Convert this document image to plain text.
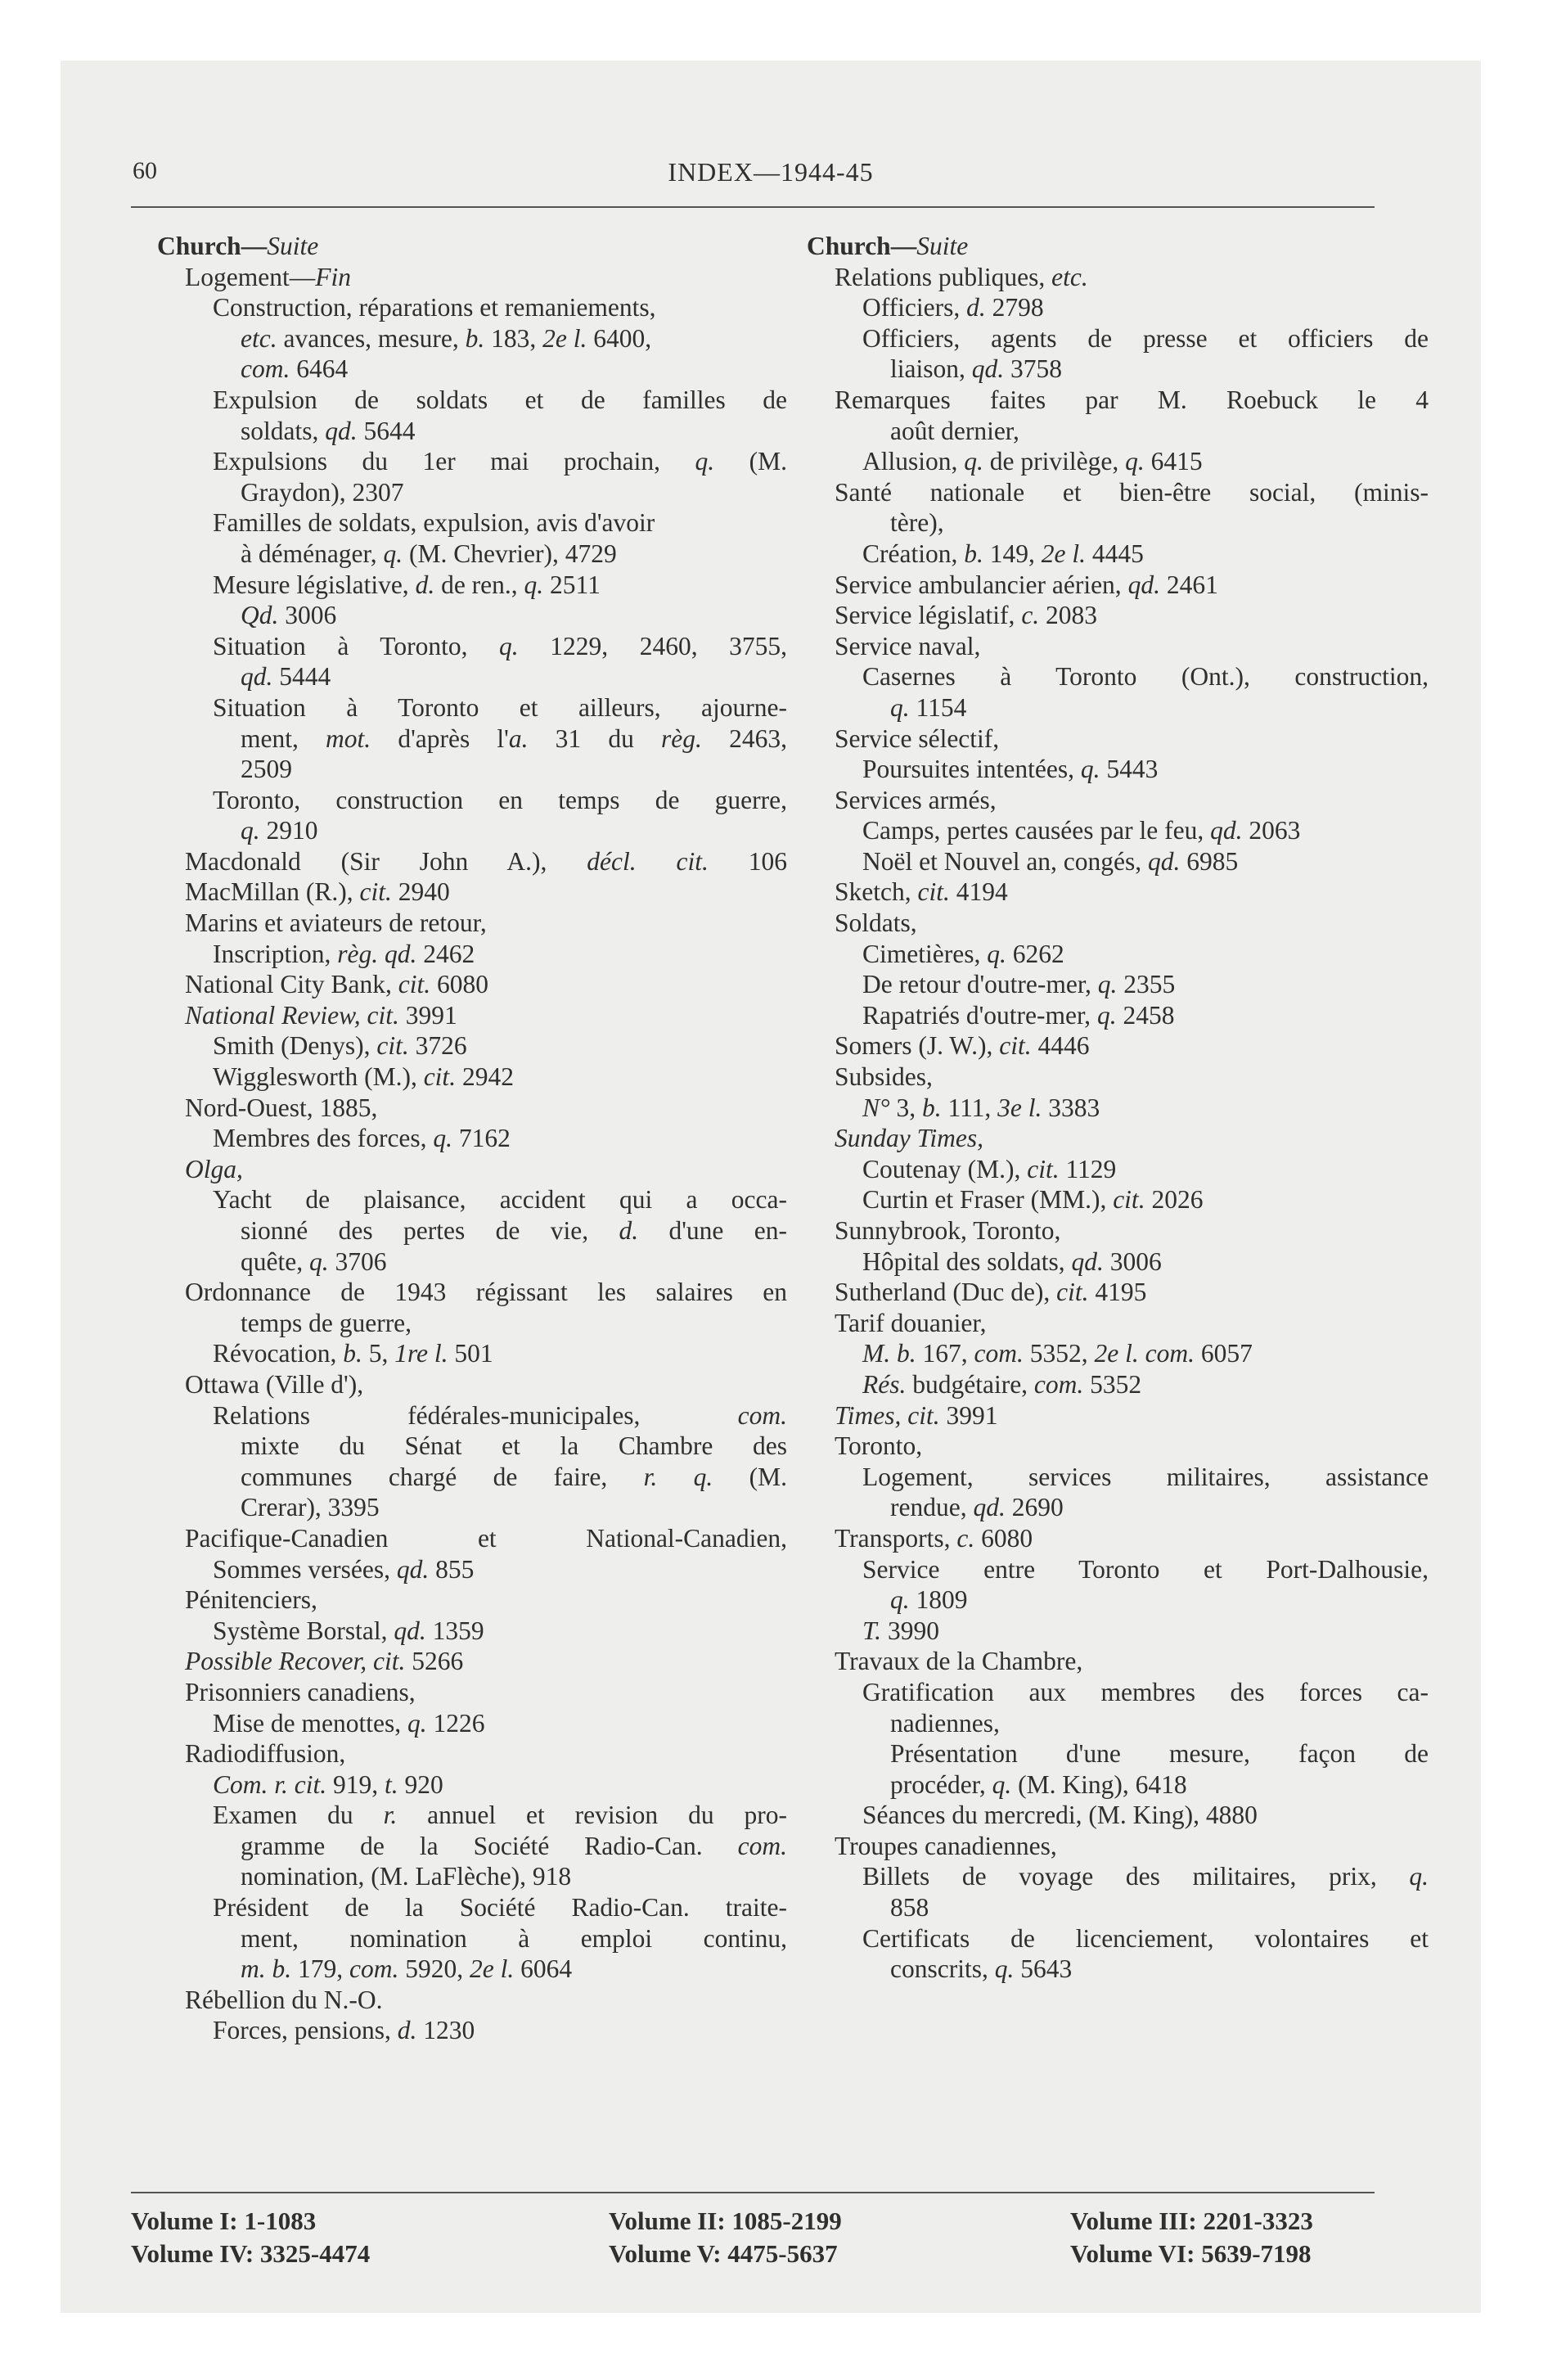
60	INDEX—1944-45
Church—Suite
Logement—Fin
Construction, réparations et remaniements,
etc. avances, mesure, b. 183, 2e l. 6400,
com. 6464
Expulsion de soldats et de familles de
soldats, qd. 5644
Expulsions du 1er mai prochain, q. (M.
Graydon), 2307
Familles de soldats, expulsion, avis d'avoir
à déménager, q. (M. Chevrier), 4729
Mesure législative, d. de ren., q. 2511
Qd. 3006
Situation à Toronto, q. 1229, 2460, 3755,
qd. 5444
Situation à Toronto et ailleurs, ajourne-
ment, mot. d'après l'a. 31 du règ. 2463,
2509
Toronto, construction en temps de guerre,
q. 2910
Macdonald (Sir John A.), décl. cit. 106
MacMillan (R.), cit. 2940
Marins et aviateurs de retour,
Inscription, règ. qd. 2462
National City Bank, cit. 6080
National Review, cit. 3991
Smith (Denys), cit. 3726
Wigglesworth (M.), cit. 2942
Nord-Ouest, 1885,
Membres des forces, q. 7162
Olga,
Yacht de plaisance, accident qui a occa-
sionné des pertes de vie, d. d'une en-
quête, q. 3706
Ordonnance de 1943 régissant les salaires en
temps de guerre,
Révocation, b. 5, 1re l. 501
Ottawa (Ville d'),
Relations fédérales-municipales, com.
mixte du Sénat et la Chambre des
communes chargé de faire, r. q. (M.
Crerar), 3395
Pacifique-Canadien et National-Canadien,
Sommes versées, qd. 855
Pénitenciers,
Système Borstal, qd. 1359
Possible Recover, cit. 5266
Prisonniers canadiens,
Mise de menottes, q. 1226
Radiodiffusion,
Com. r. cit. 919, t. 920
Examen du r. annuel et revision du pro-
gramme de la Société Radio-Can. com.
nomination, (M. LaFlèche), 918
Président de la Société Radio-Can. traite-
ment, nomination à emploi continu,
m. b. 179, com. 5920, 2e l. 6064
Rébellion du N.-O.
Forces, pensions, d. 1230
Church—Suite
Relations publiques, etc.
Officiers, d. 2798
Officiers, agents de presse et officiers de
liaison, qd. 3758
Remarques faites par M. Roebuck le 4
août dernier,
Allusion, q. de privilège, q. 6415
Santé nationale et bien-être social, (minis-
tère),
Création, b. 149, 2e l. 4445
Service ambulancier aérien, qd. 2461
Service législatif, c. 2083
Service naval,
Casernes à Toronto (Ont.), construction,
q. 1154
Service sélectif,
Poursuites intentées, q. 5443
Services armés,
Camps, pertes causées par le feu, qd. 2063
Noël et Nouvel an, congés, qd. 6985
Sketch, cit. 4194
Soldats,
Cimetières, q. 6262
De retour d'outre-mer, q. 2355
Rapatriés d'outre-mer, q. 2458
Somers (J. W.), cit. 4446
Subsides,
N° 3, b. 111, 3e l. 3383
Sunday Times,
Coutenay (M.), cit. 1129
Curtin et Fraser (MM.), cit. 2026
Sunnybrook, Toronto,
Hôpital des soldats, qd. 3006
Sutherland (Duc de), cit. 4195
Tarif douanier,
M. b. 167, com. 5352, 2e l. com. 6057
Rés. budgétaire, com. 5352
Times, cit. 3991
Toronto,
Logement, services militaires, assistance
rendue, qd. 2690
Transports, c. 6080
Service entre Toronto et Port-Dalhousie,
q. 1809
T. 3990
Travaux de la Chambre,
Gratification aux membres des forces ca-
nadiennes,
Présentation d'une mesure, façon de
procéder, q. (M. King), 6418
Séances du mercredi, (M. King), 4880
Troupes canadiennes,
Billets de voyage des militaires, prix, q.
858
Certificats de licenciement, volontaires et
conscrits, q. 5643
Volume I: 1-1083
Volume IV: 3325-4474
Volume II: 1085-2199
Volume V: 4475-5637
Volume III: 2201-3323
Volume VI: 5639-7198
